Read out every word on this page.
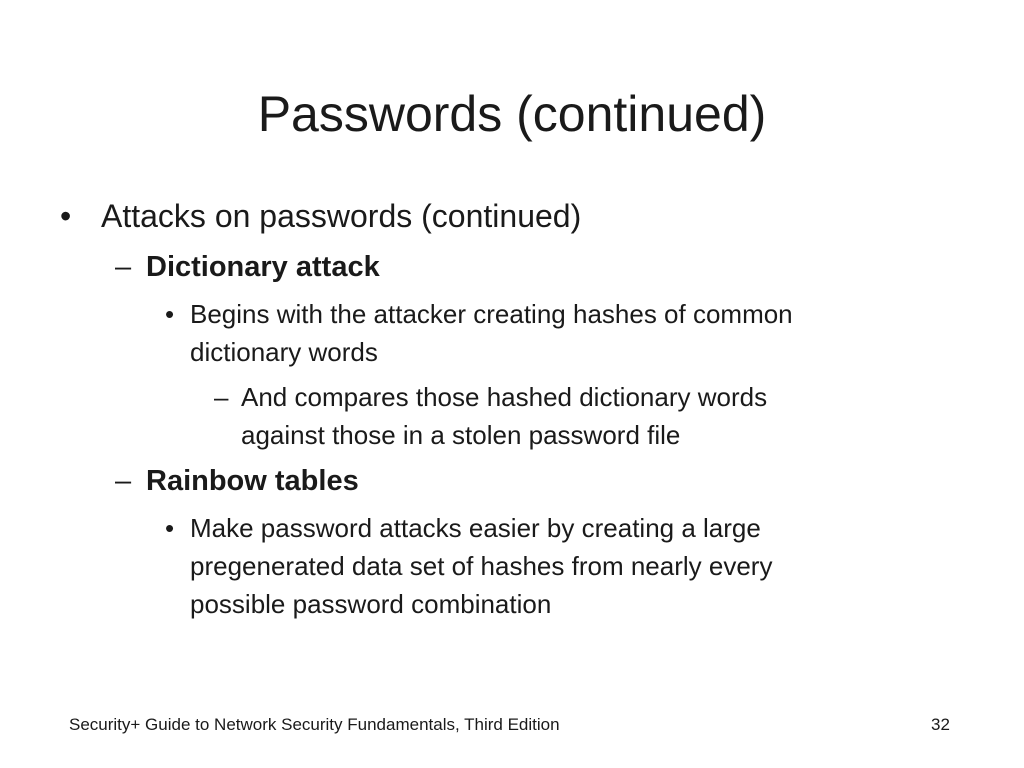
Passwords (continued)
• Attacks on passwords (continued)
– Dictionary attack
• Begins with the attacker creating hashes of common
dictionary words
– And compares those hashed dictionary words
against those in a stolen password file
– Rainbow tables
• Make password attacks easier by creating a large
pregenerated data set of hashes from nearly every
possible password combination
Security+ Guide to Network Security Fundamentals, Third Edition	32
